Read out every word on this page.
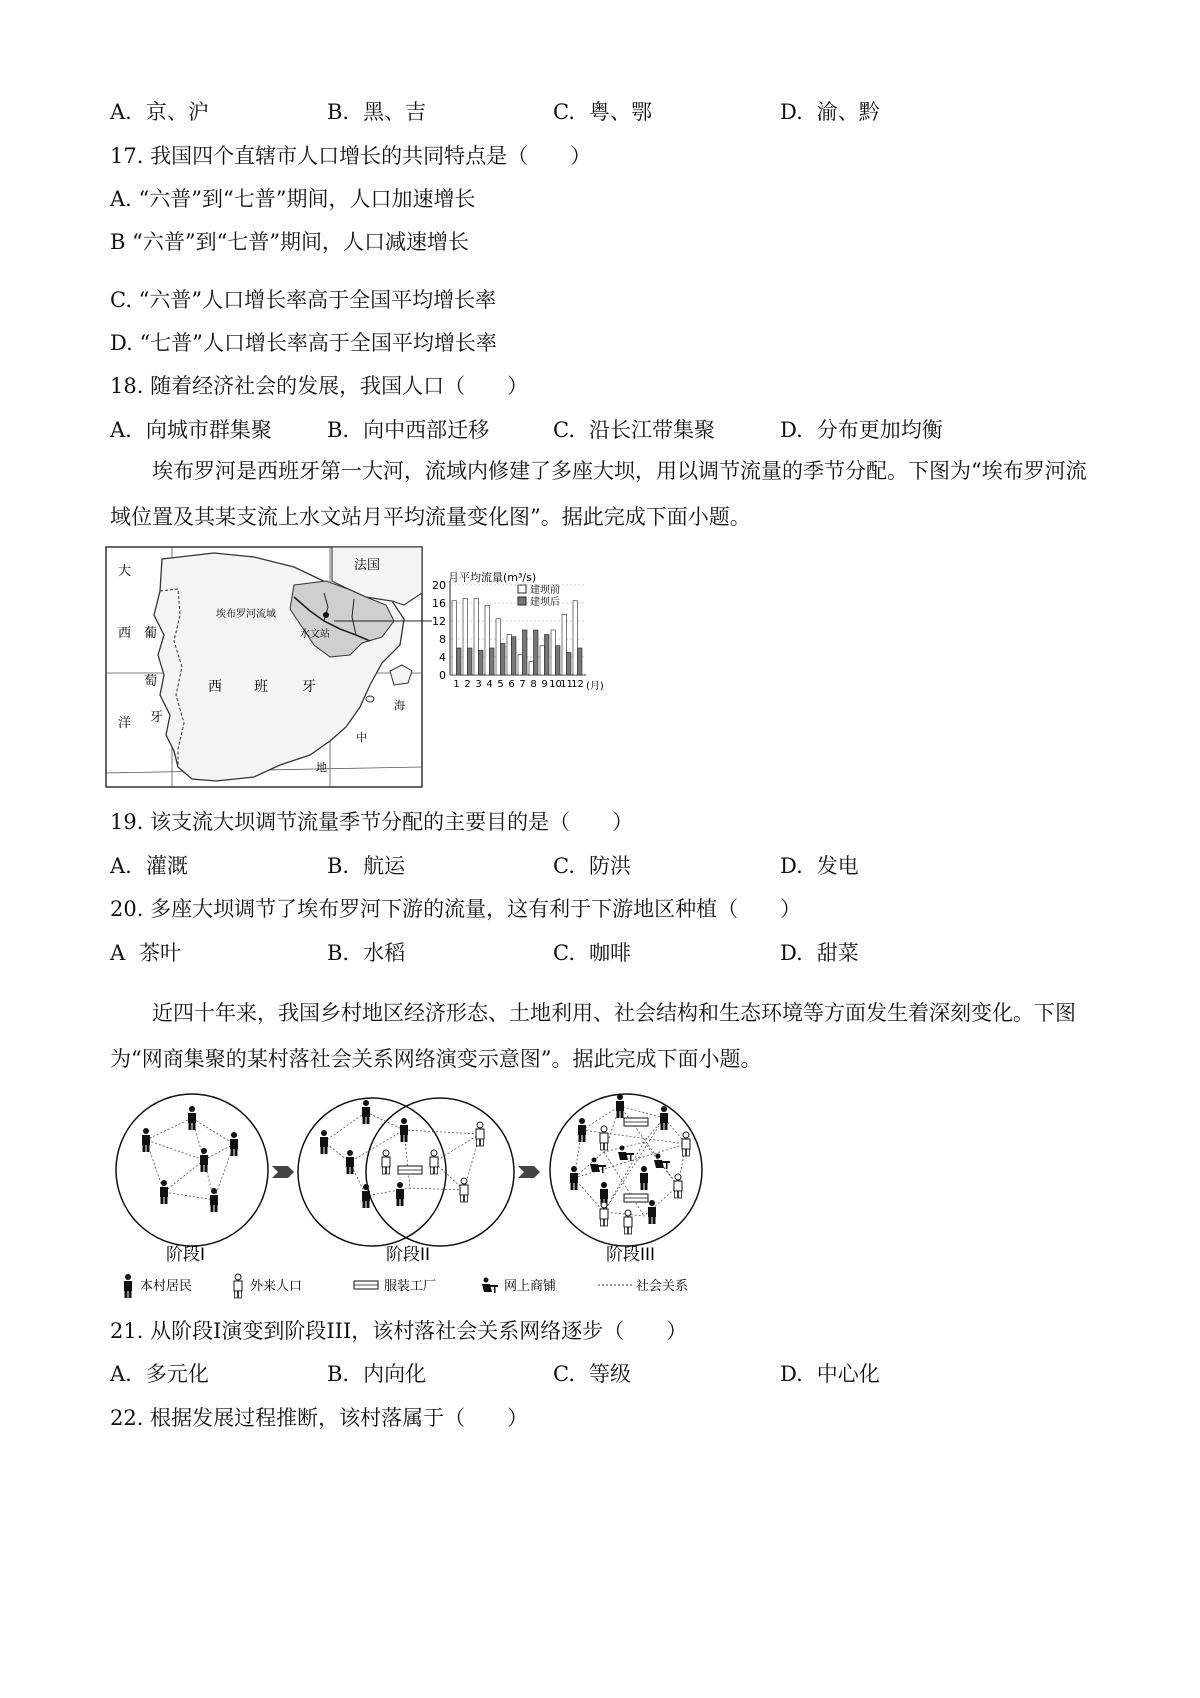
A. 京、沪	B. 黑、吉	C. 粤、鄂	D. 渝、黔
17. 我国四个直辖市人口增长的共同特点是（　　）
A. “六普”到“七普”期间，人口加速增长
B “六普”到“七普”期间，人口减速增长
C. “六普”人口增长率高于全国平均增长率
D. “七普”人口增长率高于全国平均增长率
18. 随着经济社会的发展，我国人口（　　）
A. 向城市群集聚	B. 向中西部迁移	C. 沿长江带集聚	D. 分布更加均衡
埃布罗河是西班牙第一大河，流域内修建了多座大坝，用以调节流量的季节分配。下图为“埃布罗河流域位置及其某支流上水文站月平均流量变化图”。据此完成下面小题。
法国
大
西
洋
葡
萄
牙
西 班 牙
埃布罗河流域
水文站
海
中
地
月平均流量(m³/s)
建坝前
建坝后
0
4
8
12
16
20
1 2 3 4 5 6 7 8 9 10
11
12 (月)
19. 该支流大坝调节流量季节分配的主要目的是（　　）
A. 灌溉	B. 航运	C. 防洪	D. 发电
20. 多座大坝调节了埃布罗河下游的流量，这有利于下游地区种植（　　）
A 茶叶	B. 水稻	C. 咖啡	D. 甜菜
近四十年来，我国乡村地区经济形态、土地利用、社会结构和生态环境等方面发生着深刻变化。下图为“网商集聚的某村落社会关系网络演变示意图”。据此完成下面小题。
阶段I	阶段II	阶段III
本村居民	外来人口	服装工厂	网上商铺	社会关系
21. 从阶段I演变到阶段III，该村落社会关系网络逐步（　　）
A. 多元化	B. 内向化	C. 等级	D. 中心化
22. 根据发展过程推断，该村落属于（　　）
